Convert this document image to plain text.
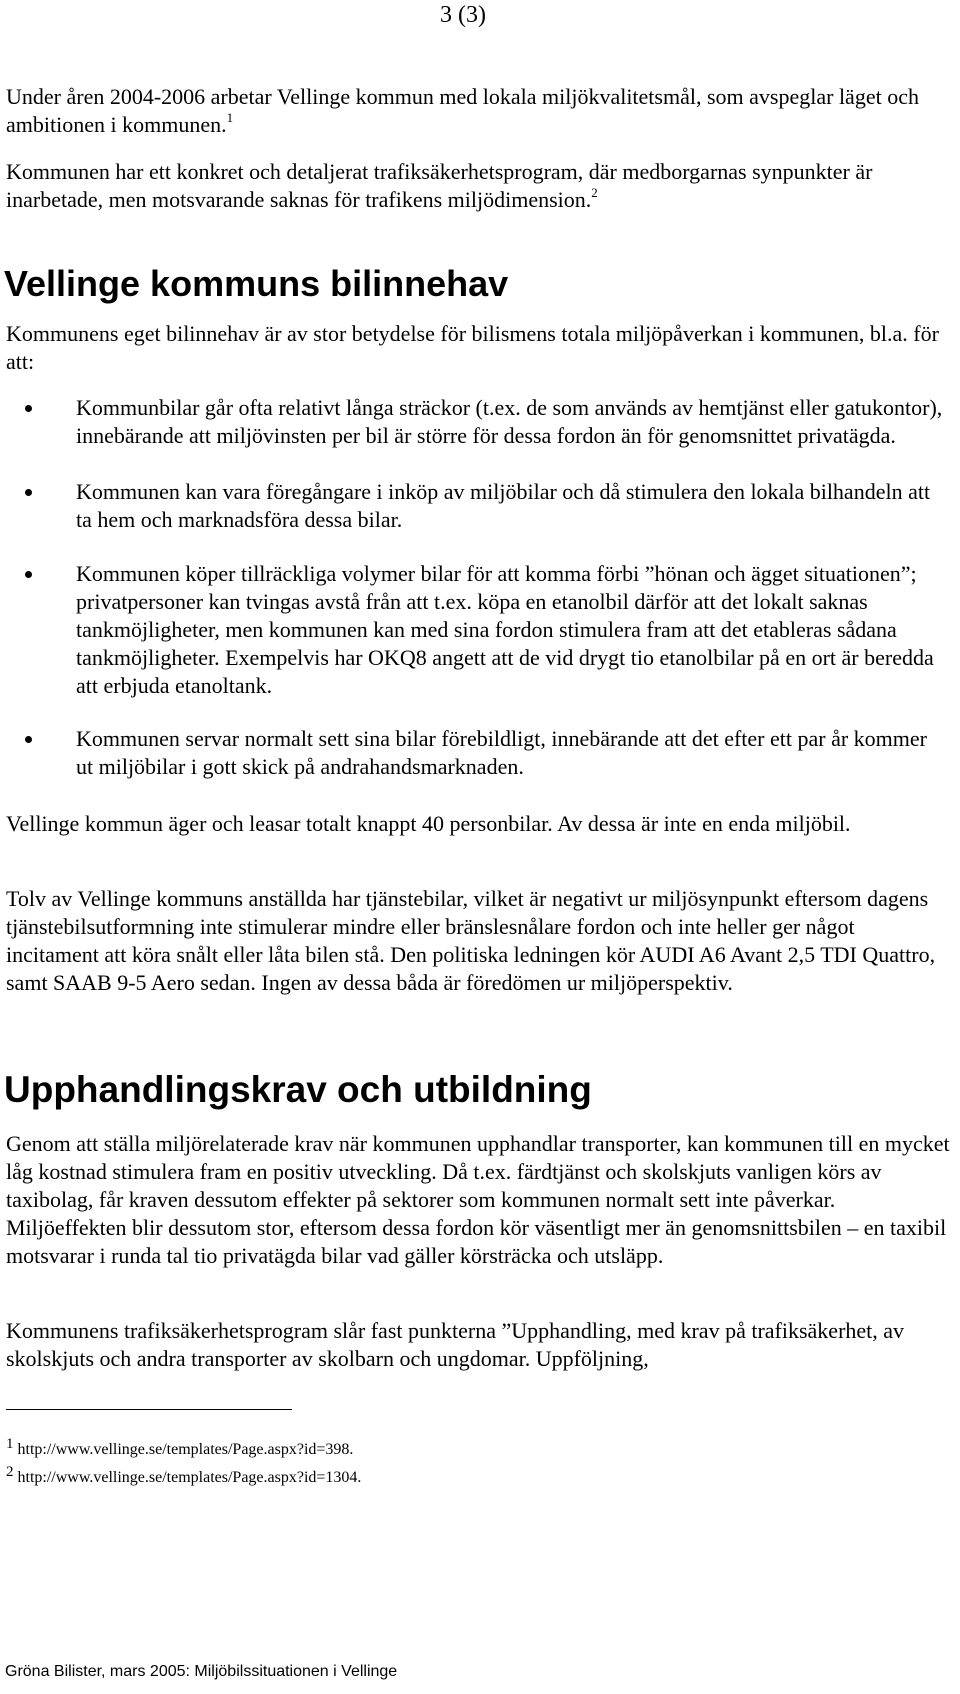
3 (3)

Under åren 2004-2006 arbetar Vellinge kommun med lokala miljökvalitetsmål, som avspeglar läget och ambitionen i kommunen.$^1$

Kommunen har ett konkret och detaljerat trafiksäkerhetsprogram, där medborgarnas synpunkter är inarbetade, men motsvarande saknas för trafikens miljödimension.$^2$

Vellinge kommuns bilinnehav

Kommunens eget bilinnehav är av stor betydelse för bilismens totala miljöpåverkan i kommunen, bl.a. för att:

Kommunbilar går ofta relativt långa sträckor (t.ex. de som används av hemtjänst eller gatukontor), innebärande att miljövinsten per bil är större för dessa fordon än för genomsnittet privatägda.
Kommunen kan vara föregångare i inköp av miljöbilar och då stimulera den lokala bilhandeln att ta hem och marknadsföra dessa bilar.
Kommunen köper tillräckliga volymer bilar för att komma förbi ”hönan och ägget situationen”; privatpersoner kan tvingas avstå från att t.ex. köpa en etanolbil därför att det lokalt saknas tankmöjligheter, men kommunen kan med sina fordon stimulera fram att det etableras sådana tankmöjligheter. Exempelvis har OKQ8 angett att de vid drygt tio etanolbilar på en ort är beredda att erbjuda etanoltank.
Kommunen servar normalt sett sina bilar förebildligt, innebärande att det efter ett par år kommer ut miljöbilar i gott skick på andrahandsmarknaden.

Vellinge kommun äger och leasar totalt knappt 40 personbilar. Av dessa är inte en enda miljöbil.

Tolv av Vellinge kommuns anställda har tjänstebilar, vilket är negativt ur miljösynpunkt eftersom dagens tjänstebilsutformning inte stimulerar mindre eller bränslesnålare fordon och inte heller ger något incitament att köra snålt eller låta bilen stå. Den politiska ledningen kör AUDI A6 Avant 2,5 TDI Quattro, samt SAAB 9-5 Aero sedan. Ingen av dessa båda är föredömen ur miljöperspektiv.

Upphandlingskrav och utbildning

Genom att ställa miljörelaterade krav när kommunen upphandlar transporter, kan kommunen till en mycket låg kostnad stimulera fram en positiv utveckling. Då t.ex. färdtjänst och skolskjuts vanligen körs av taxibolag, får kraven dessutom effekter på sektorer som kommunen normalt sett inte påverkar. Miljöeffekten blir dessutom stor, eftersom dessa fordon kör väsentligt mer än genomsnittsbilen – en taxibil motsvarar i runda tal tio privatägda bilar vad gäller körsträcka och utsläpp.

Kommunens trafiksäkerhetsprogram slår fast punkterna ”Upphandling, med krav på trafiksäkerhet, av skolskjuts och andra transporter av skolbarn och ungdomar. Uppföljning,

1 http://www.vellinge.se/templates/Page.aspx?id=398.
2 http://www.vellinge.se/templates/Page.aspx?id=1304.
Gröna Bilister, mars 2005: Miljöbilssituationen i Vellinge
